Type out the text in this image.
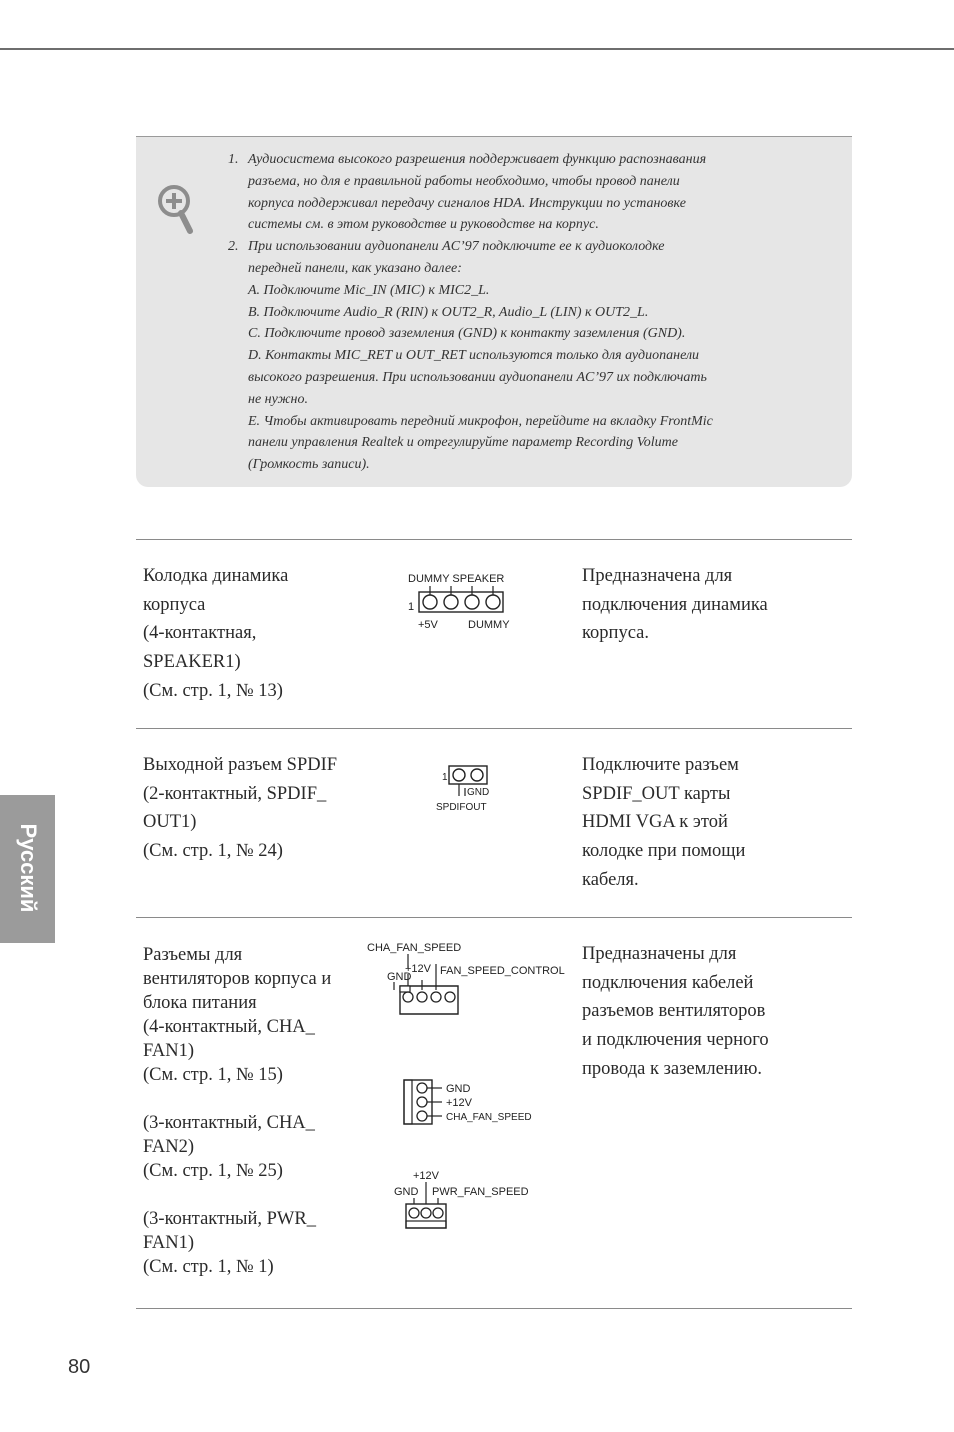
1. Аудиосистема высокого разрешения поддерживает функцию распознавания
разъема, но для е правильной работы необходимо, чтобы провод панели
корпуса поддерживал передачу сигналов HDA. Инструкции по установке
системы см. в этом руководстве и руководстве на корпус.
2. При использовании аудиопанели AC’97 подключите ее к аудиоколодке
передней панели, как указано далее:
A. Подключите Mic_IN (MIC) к MIC2_L.
B. Подключите Audio_R (RIN) к OUT2_R, Audio_L (LIN) к OUT2_L.
C. Подключите провод заземления (GND) к контакту заземления (GND).
D. Контакты MIC_RET и OUT_RET используются только для аудиопанели
высокого разрешения. При использовании аудиопанели AC’97 их подключать
не нужно.
E. Чтобы активировать передний микрофон, перейдите на вкладку FrontMic
панели управления Realtek и отрегулируйте параметр Recording Volume
(Громкость записи).
Колодка динамика
корпуса
(4-контактная,
SPEAKER1)
(См. стр. 1, № 13)
DUMMY SPEAKER
1
+5V	DUMMY
Предназначена для
подключения динамика
корпуса.
Выходной разъем SPDIF
(2-контактный, SPDIF_
OUT1)
(См. стр. 1, № 24)
1
GND
SPDIFOUT
Подключите разъем
SPDIF_OUT карты
HDMI VGA к этой
колодке при помощи
кабеля.
Разъемы для
вентиляторов корпуса и
блока питания
(4-контактный, CHA_
FAN1)
(См. стр. 1, № 15)

(3-контактный, CHA_
FAN2)
(См. стр. 1, № 25)

(3-контактный, PWR_
FAN1)
(См. стр. 1, № 1)
CHA_FAN_SPEED
+12V
GND	FAN_SPEED_CONTROL
GND
+12V
CHA_FAN_SPEED
+12V
GND PWR_FAN_SPEED
Предназначены для
подключения кабелей
разъемов вентиляторов
и подключения черного
провода к заземлению.
Русский
80
